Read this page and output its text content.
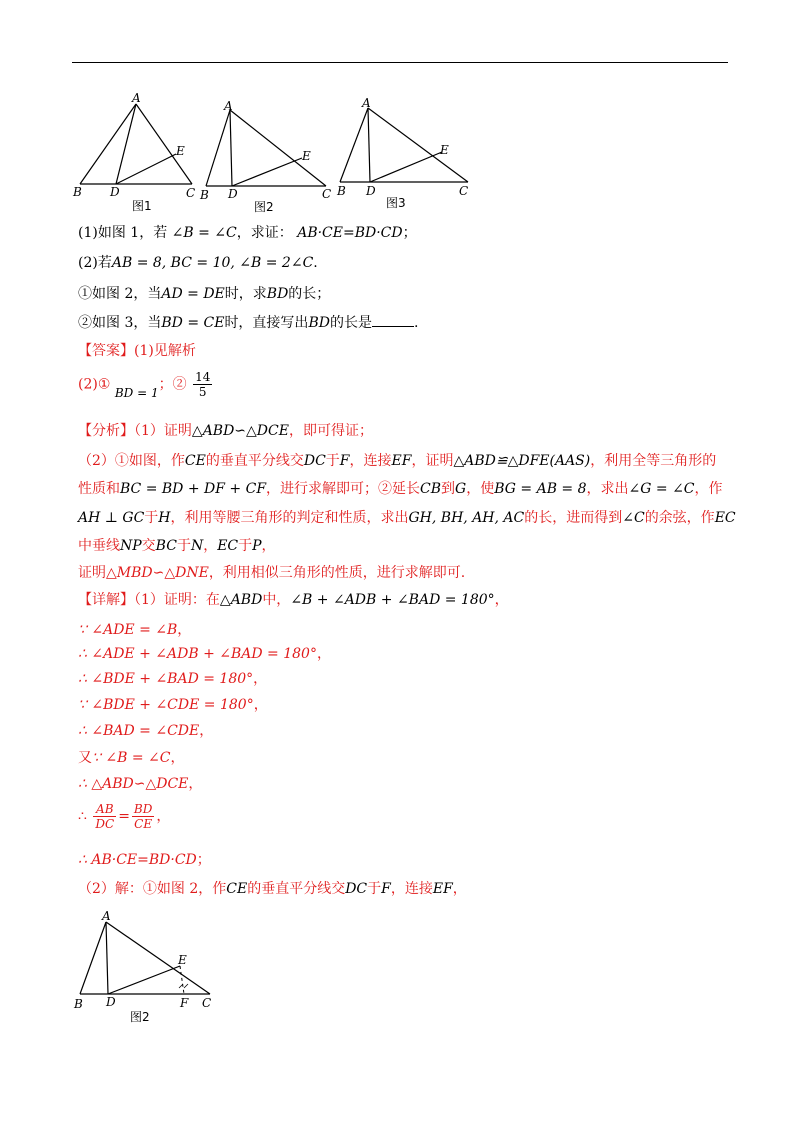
A
B	C
D
E
图1
A
B	C
D
E
图2
A
B	C
D
E
图3
(1)如图 1，若 ∠B = ∠C，求证： AB·CE=BD·CD；
(2)若AB = 8, BC = 10, ∠B = 2∠C.
①如图 2，当AD = DE时，求BD的长；
②如图 3，当BD = CE时，直接写出BD的长是	.
【答案】(1)见解析
(2)① BD = 1；② $\frac{14}{5}$
【分析】（1）证明△ABD∽△DCE，即可得证；
（2）①如图，作CE的垂直平分线交DC于F，连接EF，证明△ABD≌△DFE(AAS)，利用全等三角形的
性质和BC = BD + DF + CF，进行求解即可；②延长CB到G，使BG = AB = 8，求出∠G = ∠C，作
AH ⊥ GC于H，利用等腰三角形的判定和性质，求出GH, BH, AH, AC的长，进而得到∠C的余弦，作EC
中垂线NP交BC于N，EC于P，
证明△MBD∽△DNE，利用相似三角形的性质，进行求解即可.
【详解】（1）证明：在△ABD中，∠B + ∠ADB + ∠BAD = 180°，
∵ ∠ADE = ∠B，
∴ ∠ADE + ∠ADB + ∠BAD = 180°，
∴ ∠BDE + ∠BAD = 180°，
∵ ∠BDE + ∠CDE = 180°，
∴ ∠BAD = ∠CDE，
又∵ ∠B = ∠C，
∴ △ABD∽△DCE，
∴ $\frac{AB}{DC} = \frac{BD}{CE}$ ，
∴ AB·CE=BD·CD；
（2）解：①如图 2，作CE的垂直平分线交DC于F，连接EF，
A
B	C
D
E
F
图2
